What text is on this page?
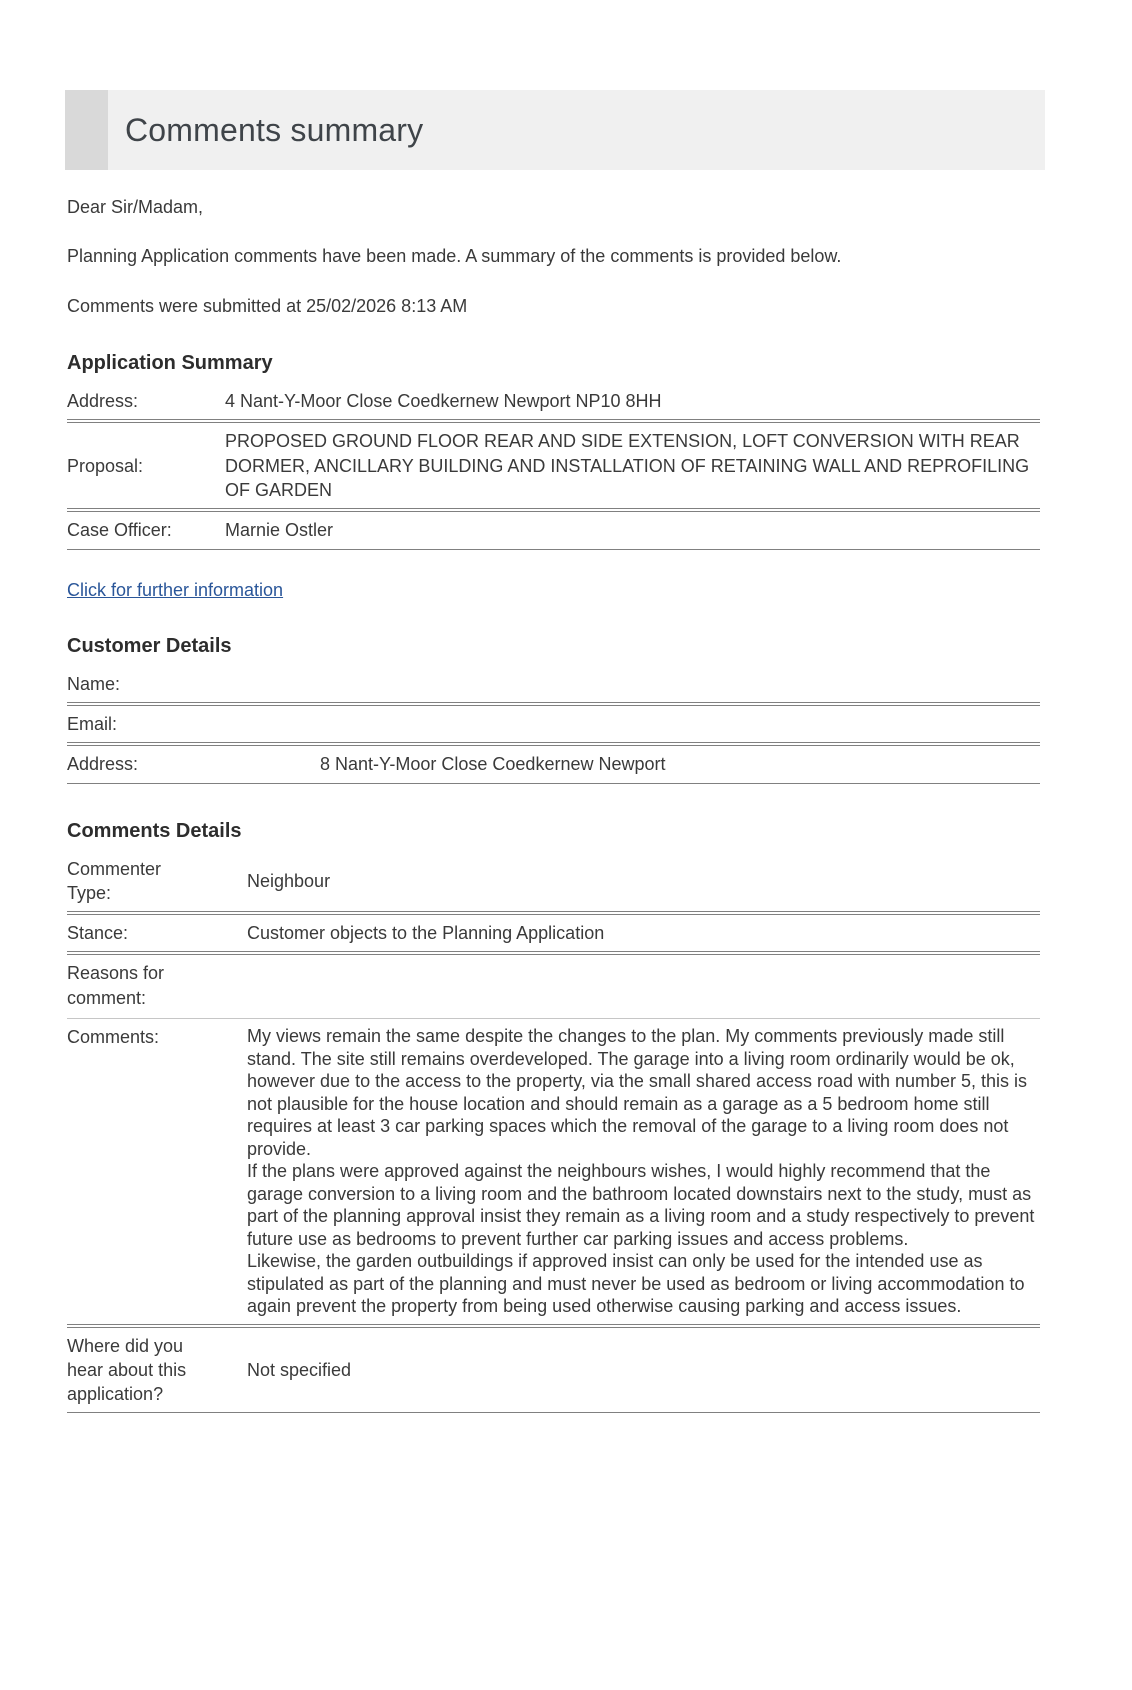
Comments summary

Dear Sir/Madam,

Planning Application comments have been made. A summary of the comments is provided below.

Comments were submitted at 25/02/2026 8:13 AM

Application Summary
Address:	4 Nant-Y-Moor Close Coedkernew Newport NP10 8HH
Proposal:	PROPOSED GROUND FLOOR REAR AND SIDE EXTENSION, LOFT CONVERSION WITH REAR DORMER, ANCILLARY BUILDING AND INSTALLATION OF RETAINING WALL AND REPROFILING OF GARDEN
Case Officer:	Marnie Ostler
Click for further information
Customer Details
Name:	
Email:	
Address:	8 Nant-Y-Moor Close Coedkernew Newport
Comments Details
Commenter Type:	Neighbour
Stance:	Customer objects to the Planning Application
Reasons for comment:	
Comments:	My views remain the same despite the changes to the plan. My comments previously made still stand. The site still remains overdeveloped. The garage into a living room ordinarily would be ok, however due to the access to the property, via the small shared access road with number 5, this is not plausible for the house location and should remain as a garage as a 5 bedroom home still requires at least 3 car parking spaces which the removal of the garage to a living room does not provide.

If the plans were approved against the neighbours wishes, I would highly recommend that the garage conversion to a living room and the bathroom located downstairs next to the study, must as part of the planning approval insist they remain as a living room and a study respectively to prevent future use as bedrooms to prevent further car parking issues and access problems.

Likewise, the garden outbuildings if approved insist can only be used for the intended use as stipulated as part of the planning and must never be used as bedroom or living accommodation to again prevent the property from being used otherwise causing parking and access issues.

Where did you hear about this application?	Not specified
